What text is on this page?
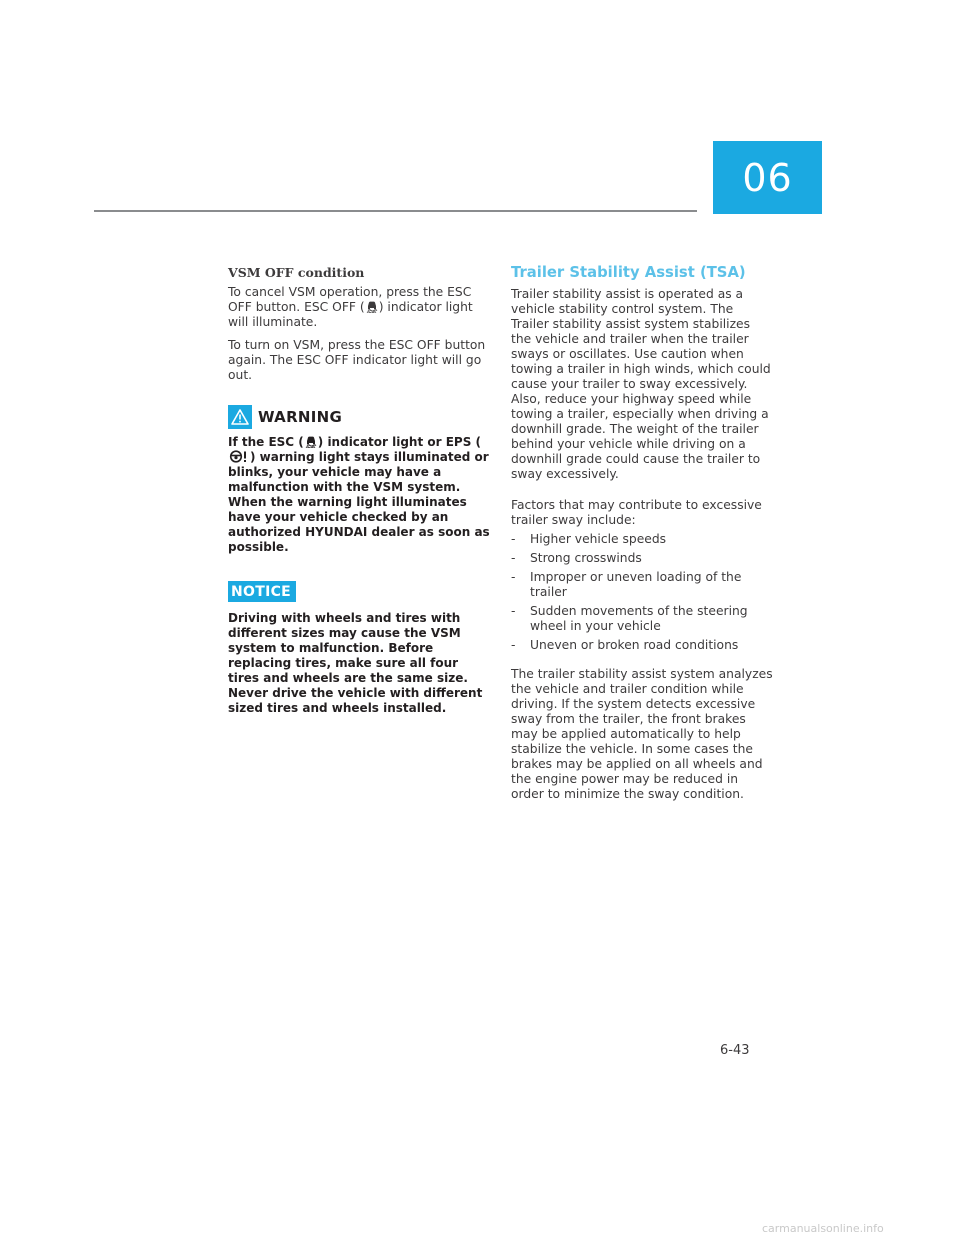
06
VSM OFF condition

To cancel VSM operation, press the ESC OFF button. ESC OFF ( ) indicator light will illuminate.

To turn on VSM, press the ESC OFF button again. The ESC OFF indicator light will go out.

WARNING

If the ESC ( ) indicator light or EPS () warning light stays illuminated or blinks, your vehicle may have a malfunction with the VSM system. When the warning light illuminates have your vehicle checked by an authorized HYUNDAI dealer as soon as possible.

NOTICE

Driving with wheels and tires with different sizes may cause the VSM system to malfunction. Before replacing tires, make sure all four tires and wheels are the same size. Never drive the vehicle with different sized tires and wheels installed.

Trailer Stability Assist (TSA)

Trailer stability assist is operated as a vehicle stability control system. The Trailer stability assist system stabilizes the vehicle and trailer when the trailer sways or oscillates. Use caution when towing a trailer in high winds, which could cause your trailer to sway excessively. Also, reduce your highway speed while towing a trailer, especially when driving a downhill grade. The weight of the trailer behind your vehicle while driving on a downhill grade could cause the trailer to sway excessively.

Factors that may contribute to excessive trailer sway include:

- Higher vehicle speeds
- Strong crosswinds
- Improper or uneven loading of the trailer
- Sudden movements of the steering wheel in your vehicle
- Uneven or broken road conditions

The trailer stability assist system analyzes the vehicle and trailer condition while driving. If the system detects excessive sway from the trailer, the front brakes may be applied automatically to help stabilize the vehicle. In some cases the brakes may be applied on all wheels and the engine power may be reduced in order to minimize the sway condition.

6-43
carmanualsonline.info
